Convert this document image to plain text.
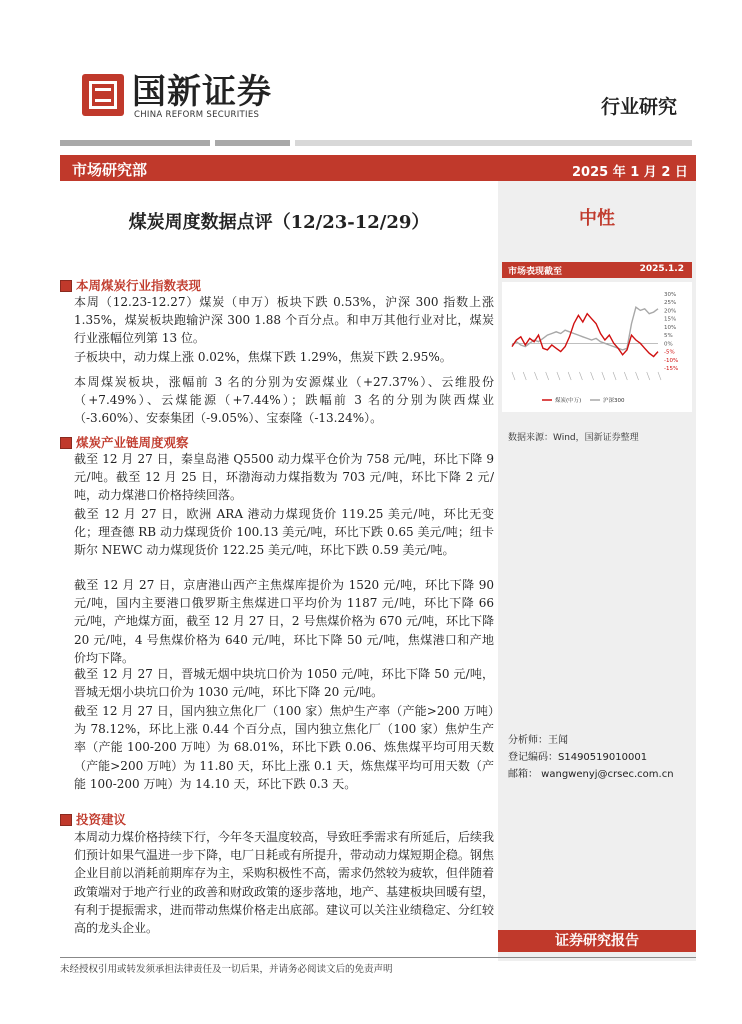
国新证券
CHINA REFORM SECURITIES	行业研究
市场研究部	2025 年 1 月 2 日
煤炭周度数据点评（12/23-12/29）	中性
市场表现截至	2025.1.2
30%
25%
20%
15%
10%
5%
0%
-5%
-10%
-15%
煤炭(中万)	沪深300
数据来源：Wind，国新证券整理
分析师：王闻
登记编码：S1490519010001
邮箱： wangwenyj@crsec.com.cn
证券研究报告
本周煤炭行业指数表现
本周（12.23-12.27）煤炭（申万）板块下跌 0.53%，沪深 300 指数上涨 1.35%，煤炭板块跑输沪深 300 1.88 个百分点。和申万其他行业对比，煤炭行业涨幅位列第 13 位。
子板块中，动力煤上涨 0.02%，焦煤下跌 1.29%，焦炭下跌 2.95%。
本周煤炭板块，涨幅前 3 名的分别为安源煤业（+27.37%）、云维股份（+7.49%）、云煤能源（+7.44%）；跌幅前 3 名的分别为陕西煤业（-3.60%）、安泰集团（-9.05%）、宝泰隆（-13.24%）。
煤炭产业链周度观察
截至 12 月 27 日，秦皇岛港 Q5500 动力煤平仓价为 758 元/吨，环比下降 9 元/吨。截至 12 月 25 日，环渤海动力煤指数为 703 元/吨，环比下降 2 元/吨，动力煤港口价格持续回落。
截至 12 月 27 日，欧洲 ARA 港动力煤现货价 119.25 美元/吨，环比无变化；理查德 RB 动力煤现货价 100.13 美元/吨，环比下跌 0.65 美元/吨；纽卡斯尔 NEWC 动力煤现货价 122.25 美元/吨，环比下跌 0.59 美元/吨。
截至 12 月 27 日，京唐港山西产主焦煤库提价为 1520 元/吨，环比下降 90 元/吨，国内主要港口俄罗斯主焦煤进口平均价为 1187 元/吨，环比下降 66 元/吨，产地煤方面，截至 12 月 27 日，2 号焦煤价格为 670 元/吨，环比下降 20 元/吨，4 号焦煤价格为 640 元/吨，环比下降 50 元/吨，焦煤港口和产地价均下降。
截至 12 月 27 日，晋城无烟中块坑口价为 1050 元/吨，环比下降 50 元/吨，晋城无烟小块坑口价为 1030 元/吨，环比下降 20 元/吨。
截至 12 月 27 日，国内独立焦化厂（100 家）焦炉生产率（产能>200 万吨）为 78.12%，环比上涨 0.44 个百分点，国内独立焦化厂（100 家）焦炉生产率（产能 100-200 万吨）为 68.01%，环比下跌 0.06、炼焦煤平均可用天数（产能>200 万吨）为 11.80 天，环比上涨 0.1 天，炼焦煤平均可用天数（产能 100-200 万吨）为 14.10 天，环比下跌 0.3 天。
投资建议
本周动力煤价格持续下行，今年冬天温度较高，导致旺季需求有所延后，后续我们预计如果气温进一步下降，电厂日耗或有所提升，带动动力煤短期企稳。钢焦企业目前以消耗前期库存为主，采购积极性不高，需求仍然较为疲软，但伴随着政策端对于地产行业的政善和财政政策的逐步落地，地产、基建板块回暖有望，有利于提振需求，进而带动焦煤价格走出底部。建议可以关注业绩稳定、分红较高的龙头企业。
未经授权引用或转发须承担法律责任及一切后果，并请务必阅读文后的免责声明
